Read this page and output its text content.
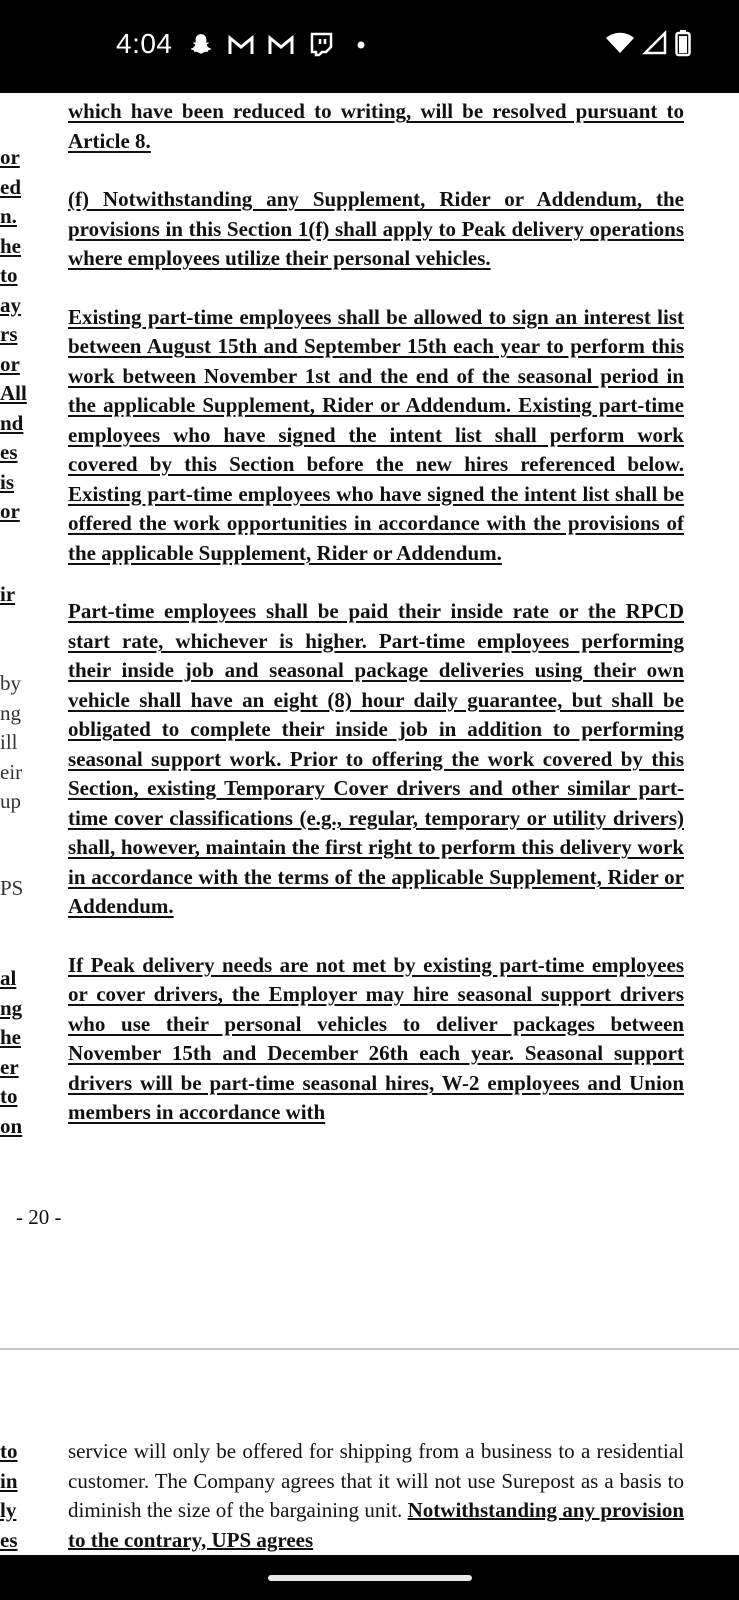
4:04

which have been reduced to writing, will be resolved pursuant to Article 8.

(f) Notwithstanding any Supplement, Rider or Addendum, the provisions in this Section 1(f) shall apply to Peak delivery operations where employees utilize their personal vehicles.

Existing part-time employees shall be allowed to sign an interest list between August 15th and September 15th each year to perform this work between November 1st and the end of the seasonal period in the applicable Supplement, Rider or Addendum. Existing part-time employees who have signed the intent list shall perform work covered by this Section before the new hires referenced below. Existing part-time employees who have signed the intent list shall be offered the work opportunities in accordance with the provisions of the applicable Supplement, Rider or Addendum.

Part-time employees shall be paid their inside rate or the RPCD start rate, whichever is higher. Part-time employees performing their inside job and seasonal package deliveries using their own vehicle shall have an eight (8) hour daily guarantee, but shall be obligated to complete their inside job in addition to performing seasonal support work. Prior to offering the work covered by this Section, existing Temporary Cover drivers and other similar part-time cover classifications (e.g., regular, temporary or utility drivers) shall, however, maintain the first right to perform this delivery work in accordance with the terms of the applicable Supplement, Rider or Addendum.

If Peak delivery needs are not met by existing part-time employees or cover drivers, the Employer may hire seasonal support drivers who use their personal vehicles to deliver packages between November 15th and December 26th each year. Seasonal support drivers will be part-time seasonal hires, W-2 employees and Union members in accordance with

or
ed
n.
he
to
ay
rs
or
All
nd
es
is
or
ir
by
ng
ill
eir
up
PS
al
ng
he
er
to
on
- 20 -
service will only be offered for shipping from a business to a residential customer. The Company agrees that it will not use Surepost as a basis to diminish the size of the bargaining unit. Notwithstanding any provision to the contrary, UPS agrees
to
in
ly
es
